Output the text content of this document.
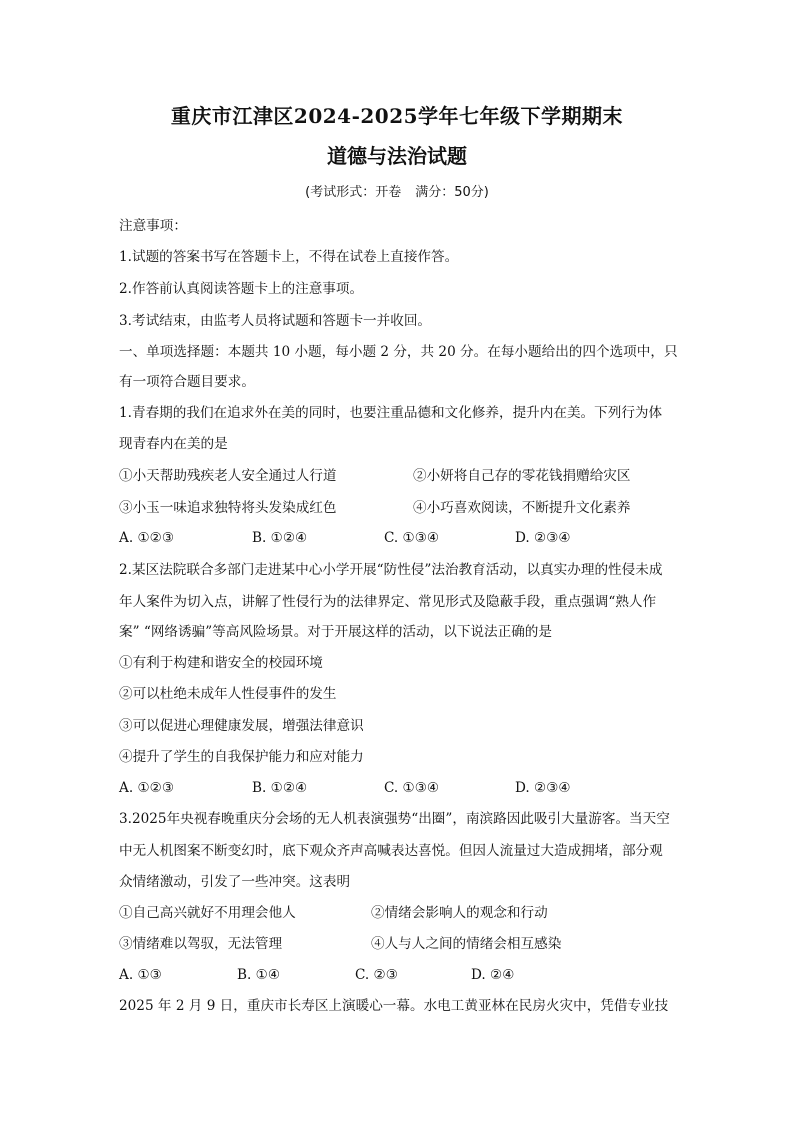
重庆市江津区2024-2025学年七年级下学期期末
道德与法治试题
(考试形式：开卷 满分：50分)
注意事项：
1.试题的答案书写在答题卡上，不得在试卷上直接作答。
2.作答前认真阅读答题卡上的注意事项。
3.考试结束，由监考人员将试题和答题卡一并收回。
一、单项选择题：本题共 10 小题，每小题 2 分，共 20 分。在每小题给出的四个选项中，只
有一项符合题目要求。
1.青春期的我们在追求外在美的同时，也要注重品德和文化修养，提升内在美。下列行为体
现青春内在美的是
①小天帮助残疾老人安全通过人行道	②小妍将自己存的零花钱捐赠给灾区
③小玉一味追求独特将头发染成红色	④小巧喜欢阅读，不断提升文化素养
A. ①②③	B. ①②④	C. ①③④	D. ②③④
2.某区法院联合多部门走进某中心小学开展“防性侵”法治教育活动，以真实办理的性侵未成
年人案件为切入点，讲解了性侵行为的法律界定、常见形式及隐蔽手段，重点强调“熟人作
案” “网络诱骗”等高风险场景。对于开展这样的活动，以下说法正确的是
①有利于构建和谐安全的校园环境
②可以杜绝未成年人性侵事件的发生
③可以促进心理健康发展，增强法律意识
④提升了学生的自我保护能力和应对能力
A. ①②③	B. ①②④	C. ①③④	D. ②③④
3.2025年央视春晚重庆分会场的无人机表演强势“出圈”，南滨路因此吸引大量游客。当天空
中无人机图案不断变幻时，底下观众齐声高喊表达喜悦。但因人流量过大造成拥堵，部分观
众情绪激动，引发了一些冲突。这表明
①自己高兴就好不用理会他人	②情绪会影响人的观念和行动
③情绪难以驾驭，无法管理	④人与人之间的情绪会相互感染
A. ①③	B. ①④	C. ②③	D. ②④
2025 年 2 月 9 日，重庆市长寿区上演暖心一幕。水电工黄亚林在民房火灾中，凭借专业技
